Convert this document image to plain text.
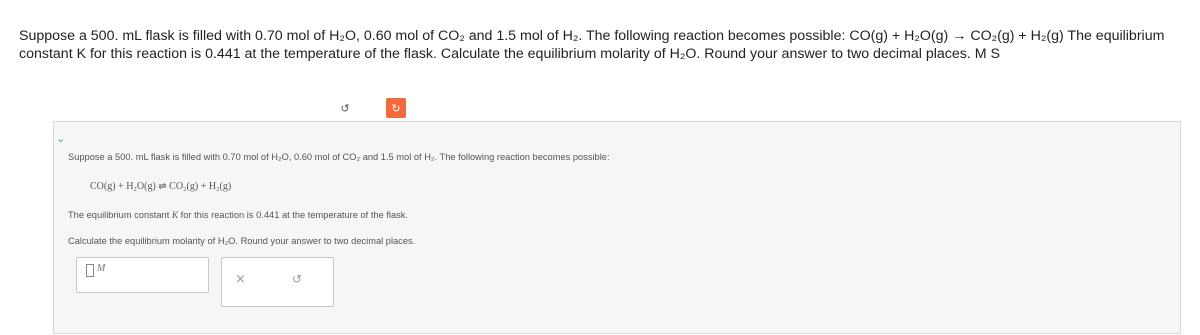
Suppose a 500. mL flask is filled with 0.70 mol of H₂O, 0.60 mol of CO₂ and 1.5 mol of H₂. The following reaction becomes possible: CO(g) + H₂O(g) → CO₂(g) + H₂(g) The equilibrium constant K for this reaction is 0.441 at the temperature of the flask. Calculate the equilibrium molarity of H₂O. Round your answer to two decimal places. M S
↺	↻
⌄
Suppose a 500. mL flask is filled with 0.70 mol of H₂O, 0.60 mol of CO₂ and 1.5 mol of H₂. The following reaction becomes possible:
CO(g) + H₂O(g) ⇌ CO₂(g) + H₂(g)
The equilibrium constant K for this reaction is 0.441 at the temperature of the flask.
Calculate the equilibrium molarity of H₂O. Round your answer to two decimal places.
M
×	↺
